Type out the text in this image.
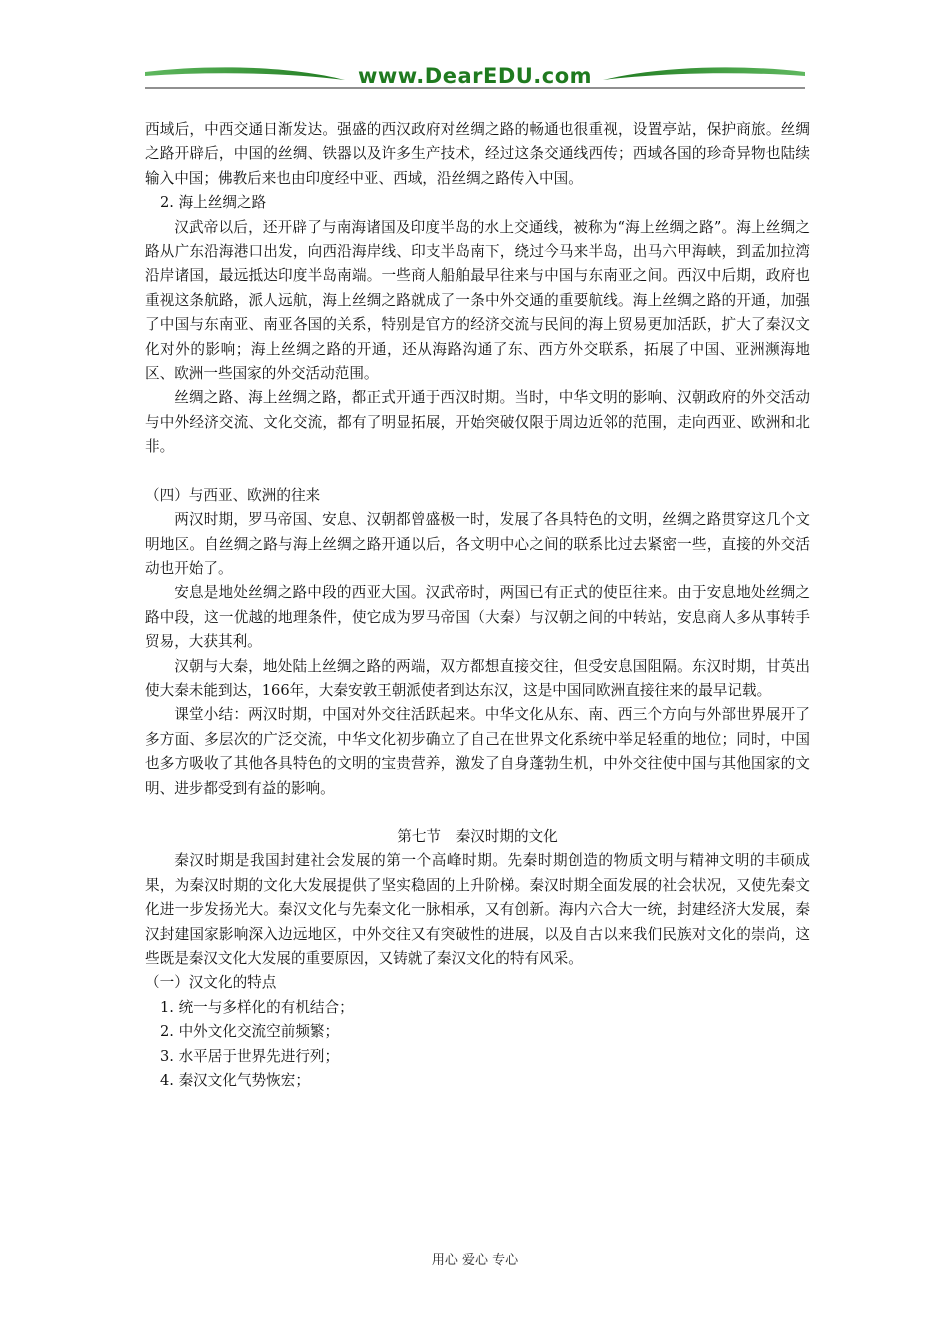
www.DearEDU.com

西域后，中西交通日渐发达。强盛的西汉政府对丝绸之路的畅通也很重视，设置亭站，保护商旅。丝绸之路开辟后，中国的丝绸、铁器以及许多生产技术，经过这条交通线西传；西域各国的珍奇异物也陆续输入中国；佛教后来也由印度经中亚、西域，沿丝绸之路传入中国。

2. 海上丝绸之路

汉武帝以后，还开辟了与南海诸国及印度半岛的水上交通线，被称为“海上丝绸之路”。海上丝绸之路从广东沿海港口出发，向西沿海岸线、印支半岛南下，绕过今马来半岛，出马六甲海峡，到孟加拉湾沿岸诸国，最远抵达印度半岛南端。一些商人船舶最早往来与中国与东南亚之间。西汉中后期，政府也重视这条航路，派人远航，海上丝绸之路就成了一条中外交通的重要航线。海上丝绸之路的开通，加强了中国与东南亚、南亚各国的关系，特别是官方的经济交流与民间的海上贸易更加活跃，扩大了秦汉文化对外的影响；海上丝绸之路的开通，还从海路沟通了东、西方外交联系，拓展了中国、亚洲濒海地区、欧洲一些国家的外交活动范围。

丝绸之路、海上丝绸之路，都正式开通于西汉时期。当时，中华文明的影响、汉朝政府的外交活动与中外经济交流、文化交流，都有了明显拓展，开始突破仅限于周边近邻的范围，走向西亚、欧洲和北非。

（四）与西亚、欧洲的往来

两汉时期，罗马帝国、安息、汉朝都曾盛极一时，发展了各具特色的文明，丝绸之路贯穿这几个文明地区。自丝绸之路与海上丝绸之路开通以后，各文明中心之间的联系比过去紧密一些，直接的外交活动也开始了。

安息是地处丝绸之路中段的西亚大国。汉武帝时，两国已有正式的使臣往来。由于安息地处丝绸之路中段，这一优越的地理条件，使它成为罗马帝国（大秦）与汉朝之间的中转站，安息商人多从事转手贸易，大获其利。

汉朝与大秦，地处陆上丝绸之路的两端，双方都想直接交往，但受安息国阻隔。东汉时期，甘英出使大秦未能到达，166年，大秦安敦王朝派使者到达东汉，这是中国同欧洲直接往来的最早记载。

课堂小结：两汉时期，中国对外交往活跃起来。中华文化从东、南、西三个方向与外部世界展开了多方面、多层次的广泛交流，中华文化初步确立了自己在世界文化系统中举足轻重的地位；同时，中国也多方吸收了其他各具特色的文明的宝贵营养，激发了自身蓬勃生机，中外交往使中国与其他国家的文明、进步都受到有益的影响。

第七节　秦汉时期的文化

秦汉时期是我国封建社会发展的第一个高峰时期。先秦时期创造的物质文明与精神文明的丰硕成果，为秦汉时期的文化大发展提供了坚实稳固的上升阶梯。秦汉时期全面发展的社会状况，又使先秦文化进一步发扬光大。秦汉文化与先秦文化一脉相承，又有创新。海内六合大一统，封建经济大发展，秦汉封建国家影响深入边远地区，中外交往又有突破性的进展，以及自古以来我们民族对文化的崇尚，这些既是秦汉文化大发展的重要原因，又铸就了秦汉文化的特有风采。

（一）汉文化的特点

1. 统一与多样化的有机结合；

2. 中外文化交流空前频繁；

3. 水平居于世界先进行列；

4. 秦汉文化气势恢宏；

用心 爱心 专心
